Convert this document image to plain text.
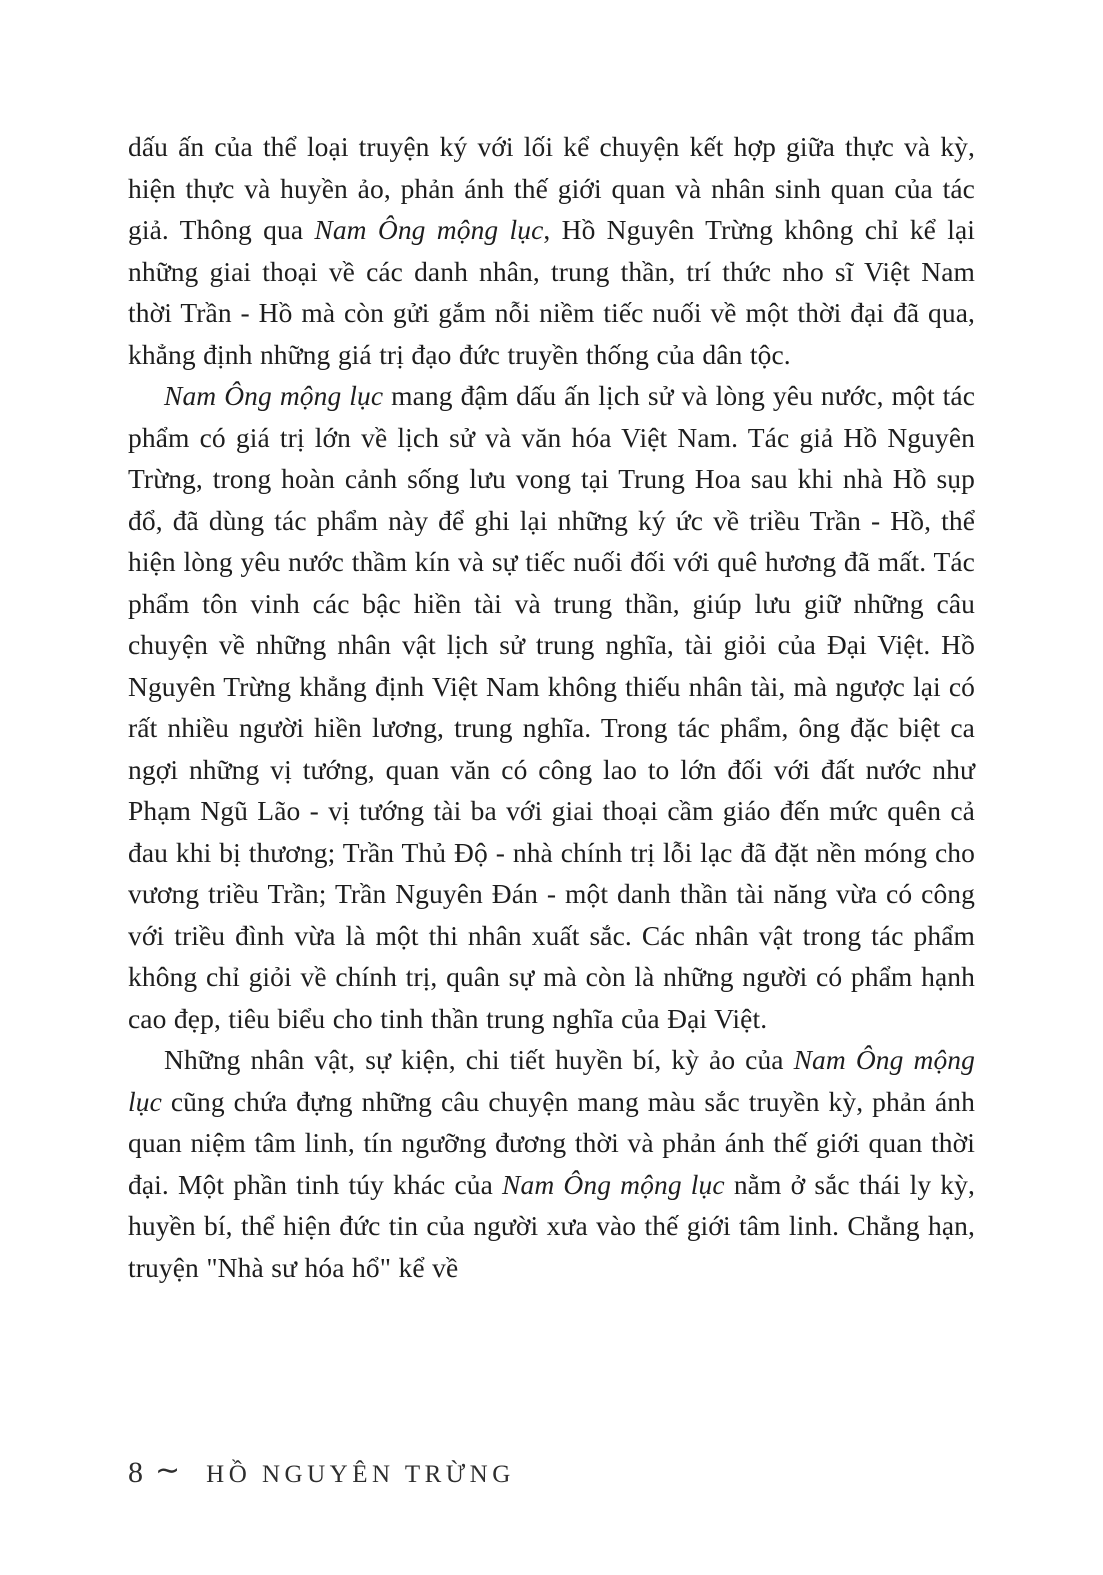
dấu ấn của thể loại truyện ký với lối kể chuyện kết hợp giữa thực và kỳ, hiện thực và huyền ảo, phản ánh thế giới quan và nhân sinh quan của tác giả. Thông qua Nam Ông mộng lục, Hồ Nguyên Trừng không chỉ kể lại những giai thoại về các danh nhân, trung thần, trí thức nho sĩ Việt Nam thời Trần - Hồ mà còn gửi gắm nỗi niềm tiếc nuối về một thời đại đã qua, khẳng định những giá trị đạo đức truyền thống của dân tộc.

Nam Ông mộng lục mang đậm dấu ấn lịch sử và lòng yêu nước, một tác phẩm có giá trị lớn về lịch sử và văn hóa Việt Nam. Tác giả Hồ Nguyên Trừng, trong hoàn cảnh sống lưu vong tại Trung Hoa sau khi nhà Hồ sụp đổ, đã dùng tác phẩm này để ghi lại những ký ức về triều Trần - Hồ, thể hiện lòng yêu nước thầm kín và sự tiếc nuối đối với quê hương đã mất. Tác phẩm tôn vinh các bậc hiền tài và trung thần, giúp lưu giữ những câu chuyện về những nhân vật lịch sử trung nghĩa, tài giỏi của Đại Việt. Hồ Nguyên Trừng khẳng định Việt Nam không thiếu nhân tài, mà ngược lại có rất nhiều người hiền lương, trung nghĩa. Trong tác phẩm, ông đặc biệt ca ngợi những vị tướng, quan văn có công lao to lớn đối với đất nước như Phạm Ngũ Lão - vị tướng tài ba với giai thoại cầm giáo đến mức quên cả đau khi bị thương; Trần Thủ Độ - nhà chính trị lỗi lạc đã đặt nền móng cho vương triều Trần; Trần Nguyên Đán - một danh thần tài năng vừa có công với triều đình vừa là một thi nhân xuất sắc. Các nhân vật trong tác phẩm không chỉ giỏi về chính trị, quân sự mà còn là những người có phẩm hạnh cao đẹp, tiêu biểu cho tinh thần trung nghĩa của Đại Việt.

Những nhân vật, sự kiện, chi tiết huyền bí, kỳ ảo của Nam Ông mộng lục cũng chứa đựng những câu chuyện mang màu sắc truyền kỳ, phản ánh quan niệm tâm linh, tín ngưỡng đương thời và phản ánh thế giới quan thời đại. Một phần tinh túy khác của Nam Ông mộng lục nằm ở sắc thái ly kỳ, huyền bí, thể hiện đức tin của người xưa vào thế giới tâm linh. Chẳng hạn, truyện "Nhà sư hóa hổ" kể về

8 ∼ HỒ NGUYÊN TRỪNG
